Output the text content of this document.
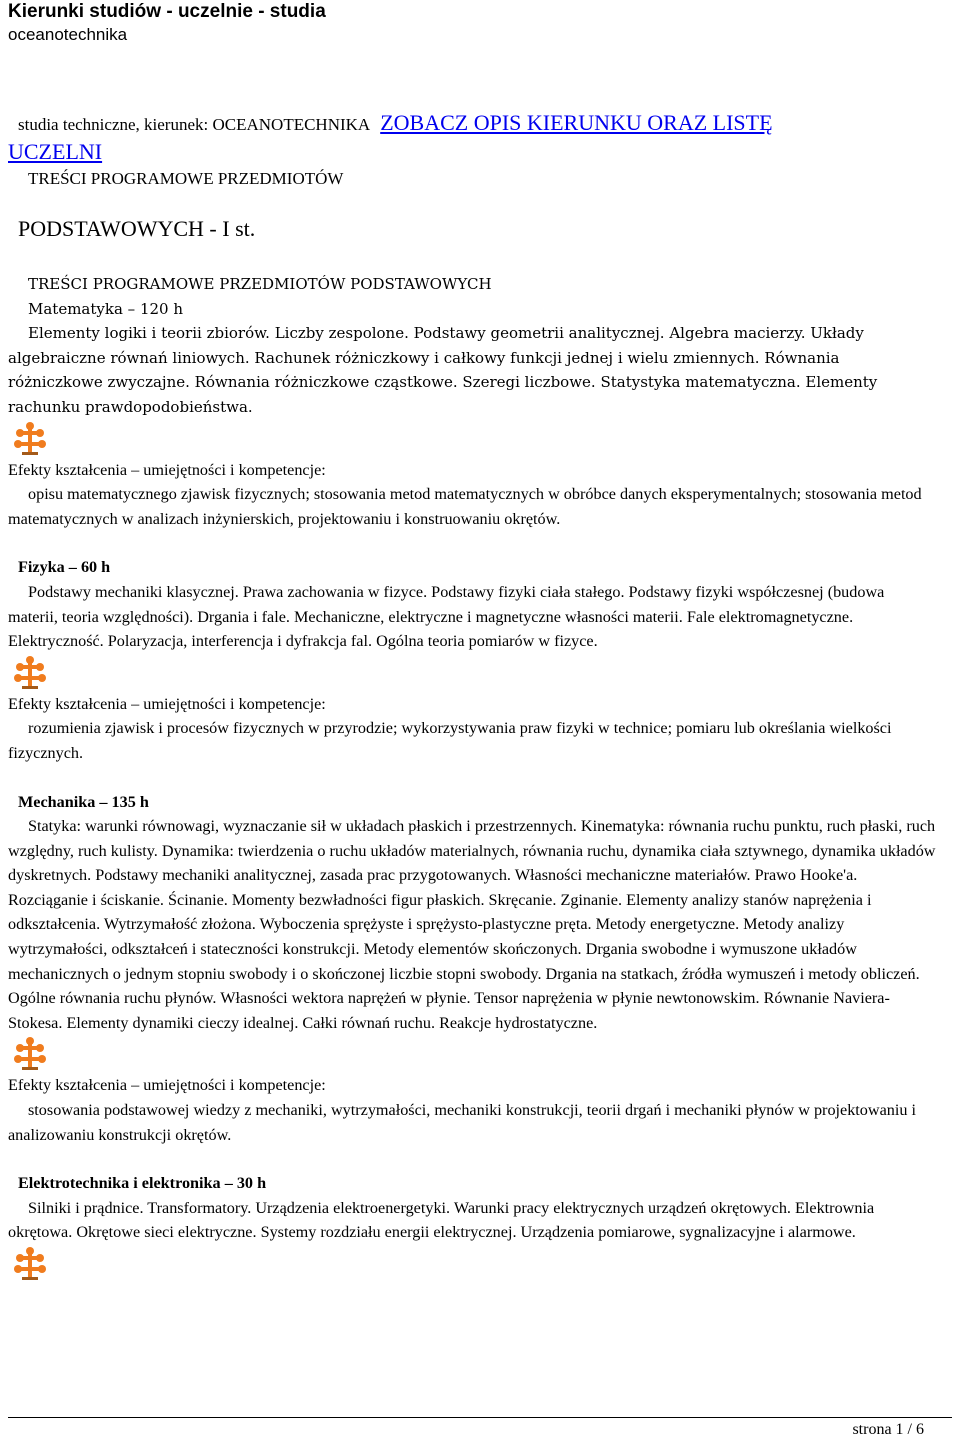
Kierunki studiów - uczelnie - studia
oceanotechnika
studia techniczne, kierunek: OCEANOTECHNIKA ZOBACZ OPIS KIERUNKU ORAZ LISTĘ
UCZELNI
TREŚCI PROGRAMOWE PRZEDMIOTÓW
PODSTAWOWYCH - I st.

TREŚCI PROGRAMOWE PRZEDMIOTÓW PODSTAWOWYCH

Matematyka – 120 h

Elementy logiki i teorii zbiorów. Liczby zespolone. Podstawy geometrii analitycznej. Algebra macierzy. Układy algebraiczne równań liniowych. Rachunek różniczkowy i całkowy funkcji jednej i wielu zmiennych. Równania różniczkowe zwyczajne. Równania różniczkowe cząstkowe. Szeregi liczbowe. Statystyka matematyczna. Elementy rachunku prawdopodobieństwa.

Efekty kształcenia – umiejętności i kompetencje:

opisu matematycznego zjawisk fizycznych; stosowania metod matematycznych w obróbce danych eksperymentalnych; stosowania metod matematycznych w analizach inżynierskich, projektowaniu i konstruowaniu okrętów.

Fizyka – 60 h

Podstawy mechaniki klasycznej. Prawa zachowania w fizyce. Podstawy fizyki ciała stałego. Podstawy fizyki współczesnej (budowa materii, teoria względności). Drgania i fale. Mechaniczne, elektryczne i magnetyczne własności materii. Fale elektromagnetyczne. Elektryczność. Polaryzacja, interferencja i dyfrakcja fal. Ogólna teoria pomiarów w fizyce.

Efekty kształcenia – umiejętności i kompetencje:

rozumienia zjawisk i procesów fizycznych w przyrodzie; wykorzystywania praw fizyki w technice; pomiaru lub określania wielkości fizycznych.

Mechanika – 135 h

Statyka: warunki równowagi, wyznaczanie sił w układach płaskich i przestrzennych. Kinematyka: równania ruchu punktu, ruch płaski, ruch względny, ruch kulisty. Dynamika: twierdzenia o ruchu układów materialnych, równania ruchu, dynamika ciała sztywnego, dynamika układów dyskretnych. Podstawy mechaniki analitycznej, zasada prac przygotowanych. Własności mechaniczne materiałów. Prawo Hooke'a. Rozciąganie i ściskanie. Ścinanie. Momenty bezwładności figur płaskich. Skręcanie. Zginanie. Elementy analizy stanów naprężenia i odkształcenia. Wytrzymałość złożona. Wyboczenia sprężyste i sprężysto-plastyczne pręta. Metody energetyczne. Metody analizy wytrzymałości, odkształceń i stateczności konstrukcji. Metody elementów skończonych. Drgania swobodne i wymuszone układów mechanicznych o jednym stopniu swobody i o skończonej liczbie stopni swobody. Drgania na statkach, źródła wymuszeń i metody obliczeń. Ogólne równania ruchu płynów. Własności wektora naprężeń w płynie. Tensor naprężenia w płynie newtonowskim. Równanie Naviera-Stokesa. Elementy dynamiki cieczy idealnej. Całki równań ruchu. Reakcje hydrostatyczne.

Efekty kształcenia – umiejętności i kompetencje:

stosowania podstawowej wiedzy z mechaniki, wytrzymałości, mechaniki konstrukcji, teorii drgań i mechaniki płynów w projektowaniu i analizowaniu konstrukcji okrętów.

Elektrotechnika i elektronika – 30 h

Silniki i prądnice. Transformatory. Urządzenia elektroenergetyki. Warunki pracy elektrycznych urządzeń okrętowych. Elektrownia okrętowa. Okrętowe sieci elektryczne. Systemy rozdziału energii elektrycznej. Urządzenia pomiarowe, sygnalizacyjne i alarmowe.

strona 1 / 6
